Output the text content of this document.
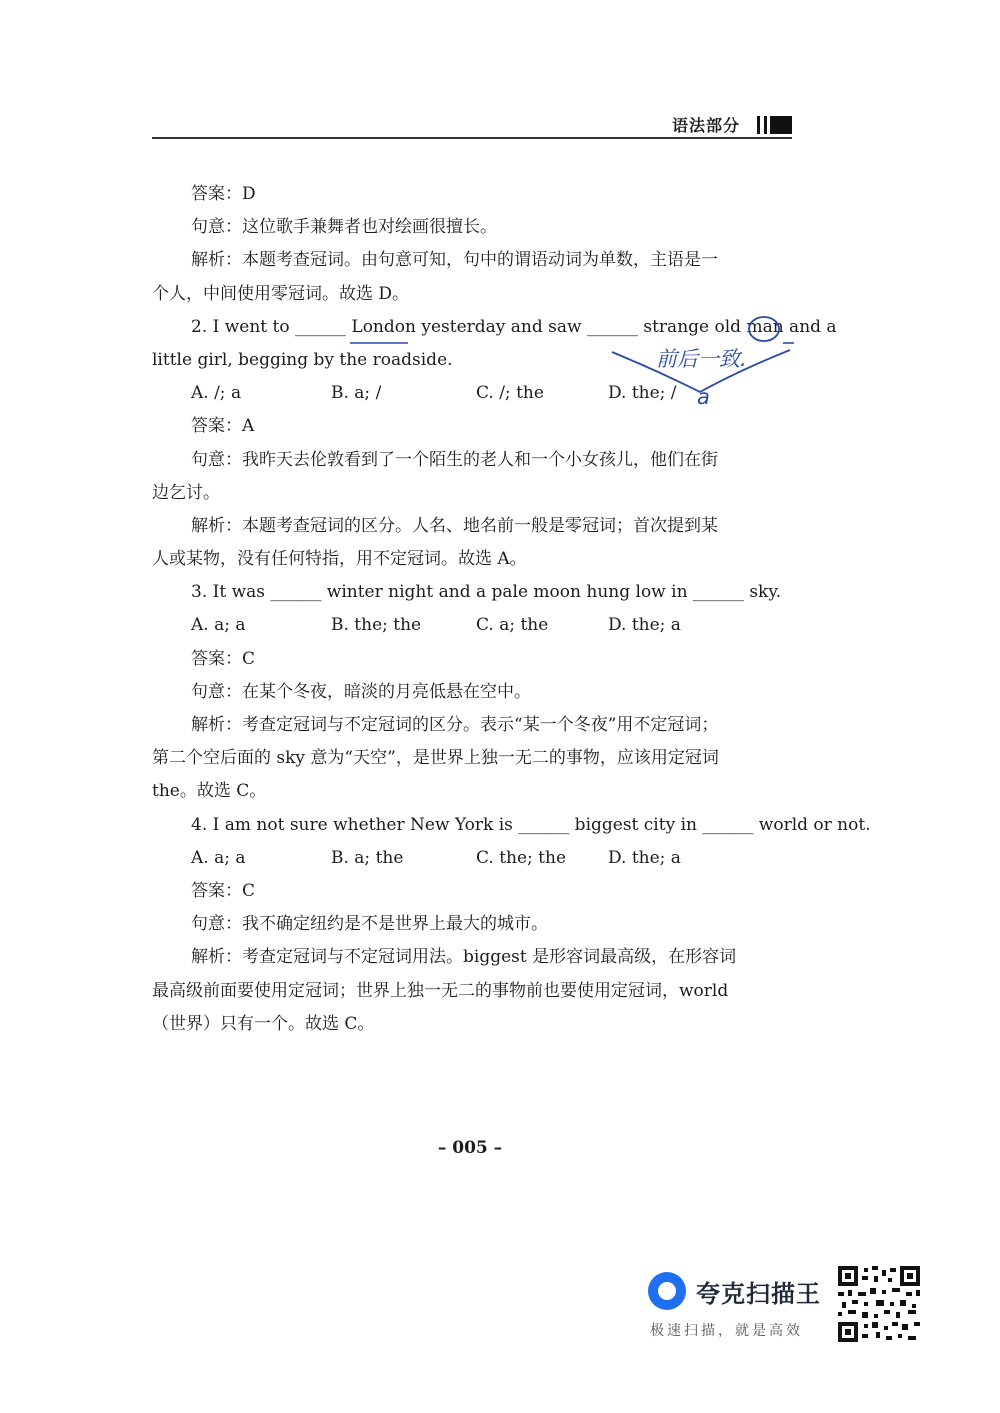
语法部分
答案：D
句意：这位歌手兼舞者也对绘画很擅长。
解析：本题考查冠词。由句意可知，句中的谓语动词为单数，主语是一
个人，中间使用零冠词。故选 D。
2. I went to ______ London yesterday and saw ______ strange old man and a
little girl, begging by the roadside.
A. /; a	B. a; /	C. /; the	D. the; /
答案：A
句意：我昨天去伦敦看到了一个陌生的老人和一个小女孩儿，他们在街
边乞讨。
解析：本题考查冠词的区分。人名、地名前一般是零冠词；首次提到某
人或某物，没有任何特指，用不定冠词。故选 A。
3. It was ______ winter night and a pale moon hung low in ______ sky.
A. a; a	B. the; the	C. a; the	D. the; a
答案：C
句意：在某个冬夜，暗淡的月亮低悬在空中。
解析：考查定冠词与不定冠词的区分。表示“某一个冬夜”用不定冠词；
第二个空后面的 sky 意为“天空”，是世界上独一无二的事物，应该用定冠词
the。故选 C。
4. I am not sure whether New York is ______ biggest city in ______ world or not.
A. a; a	B. a; the	C. the; the D. the; a
答案：C
句意：我不确定纽约是不是世界上最大的城市。
解析：考查定冠词与不定冠词用法。biggest 是形容词最高级，在形容词
最高级前面要使用定冠词；世界上独一无二的事物前也要使用定冠词，world
（世界）只有一个。故选 C。
前后一致.
a
– 005 –
夸克扫描王
极速扫描，就是高效
